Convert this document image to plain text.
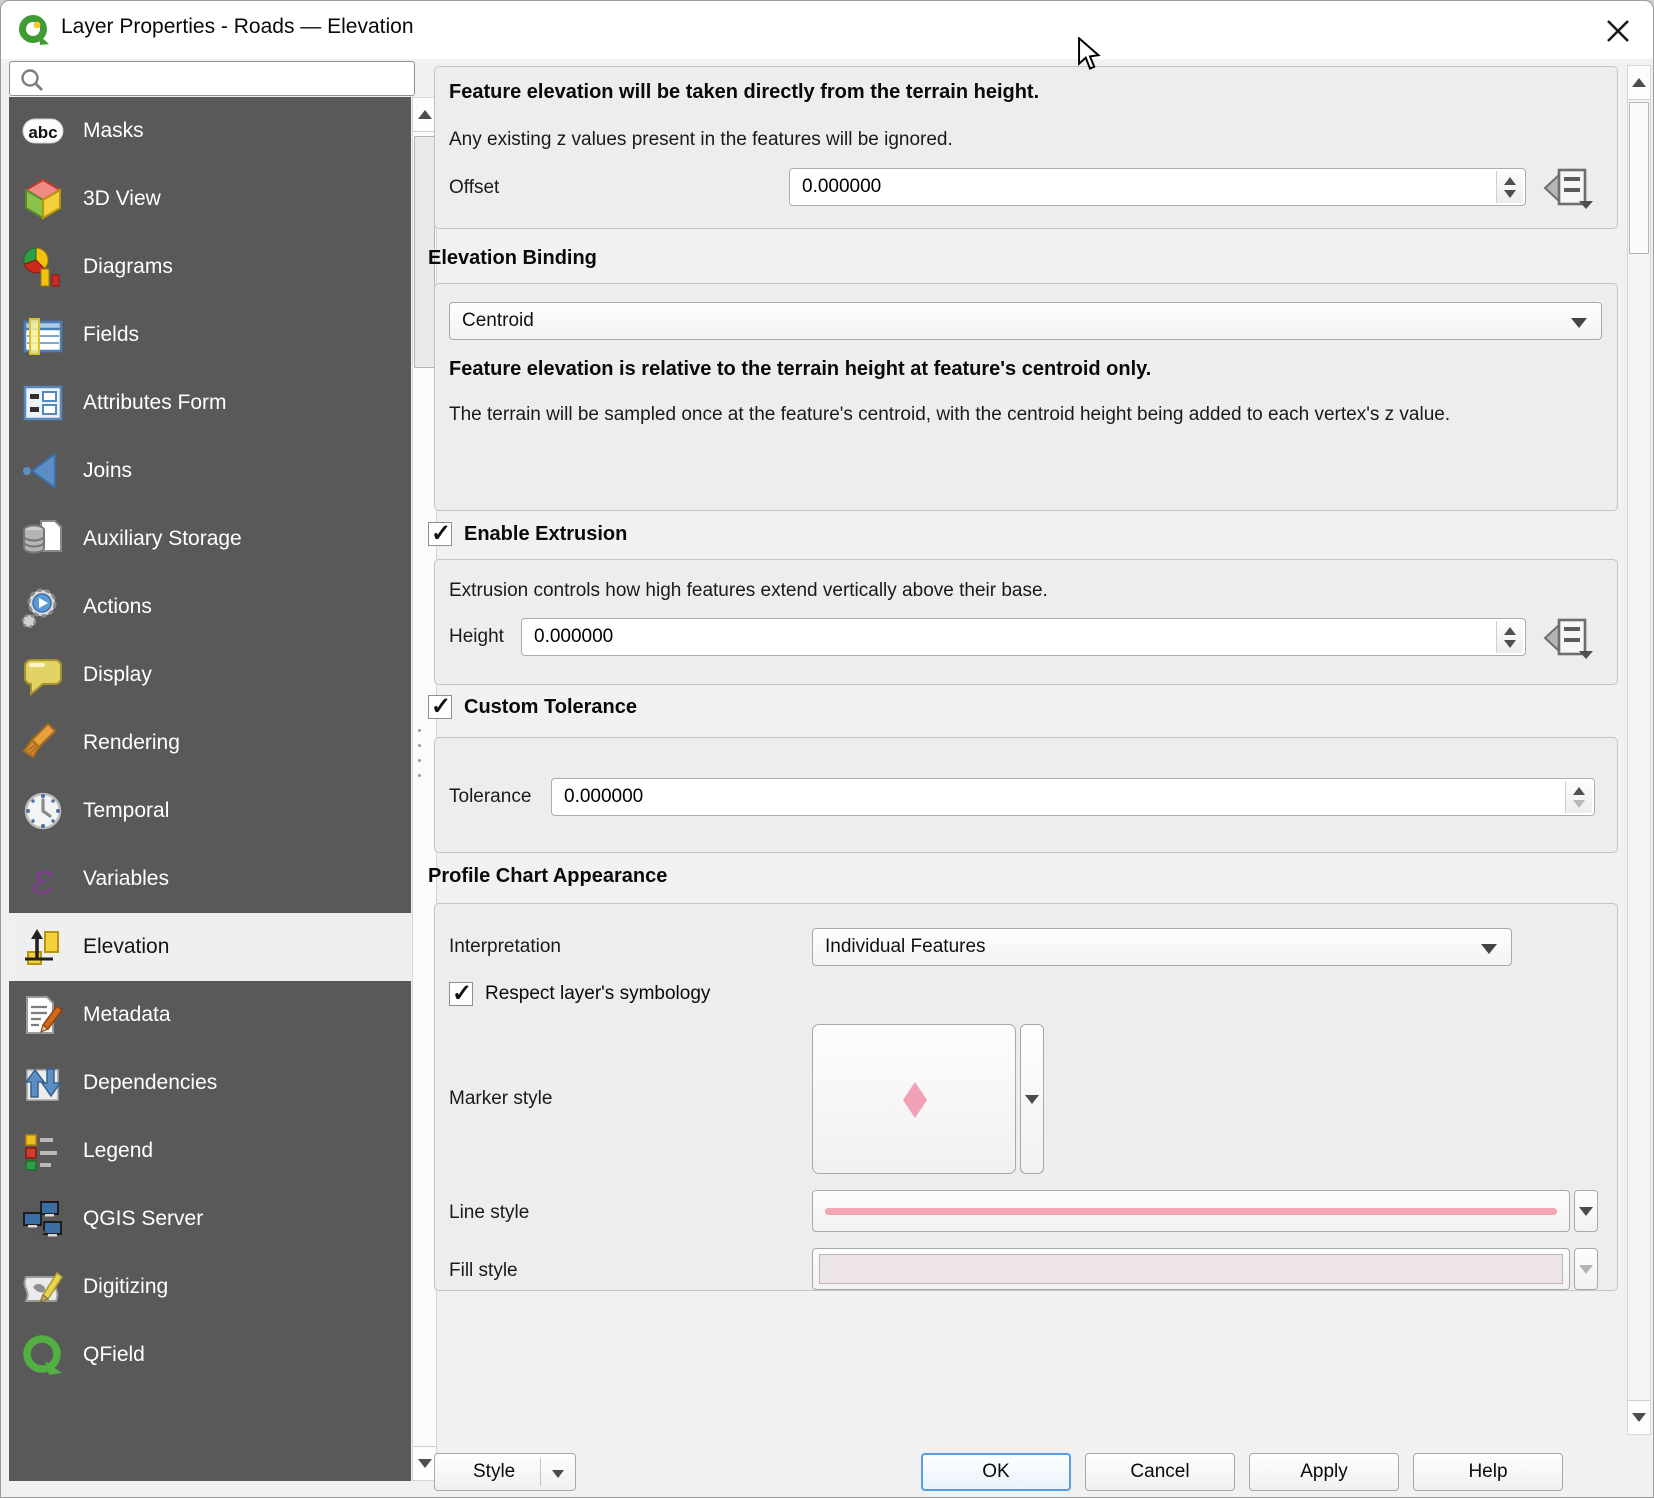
Layer Properties - Roads — Elevation
abc Masks
3D View
Diagrams
Fields
Attributes Form
Joins
Auxiliary Storage
Actions
Display
Rendering
Temporal
ε Variables
Elevation
Metadata
Dependencies
Legend
QGIS Server
Digitizing
QField
Feature elevation will be taken directly from the terrain height.
Any existing z values present in the features will be ignored.
Offset
0.000000
Elevation Binding
Centroid
Feature elevation is relative to the terrain height at feature's centroid only.
The terrain will be sampled once at the feature's centroid, with the centroid height being added to each vertex's z value.
✓
Enable Extrusion
Extrusion controls how high features extend vertically above their base.
Height
0.000000
✓
Custom Tolerance
Tolerance
0.000000
Profile Chart Appearance
Interpretation	Individual Features
✓
Respect layer's symbology
Marker style
Line style
Fill style
Style	OK	Cancel	Apply	Help
